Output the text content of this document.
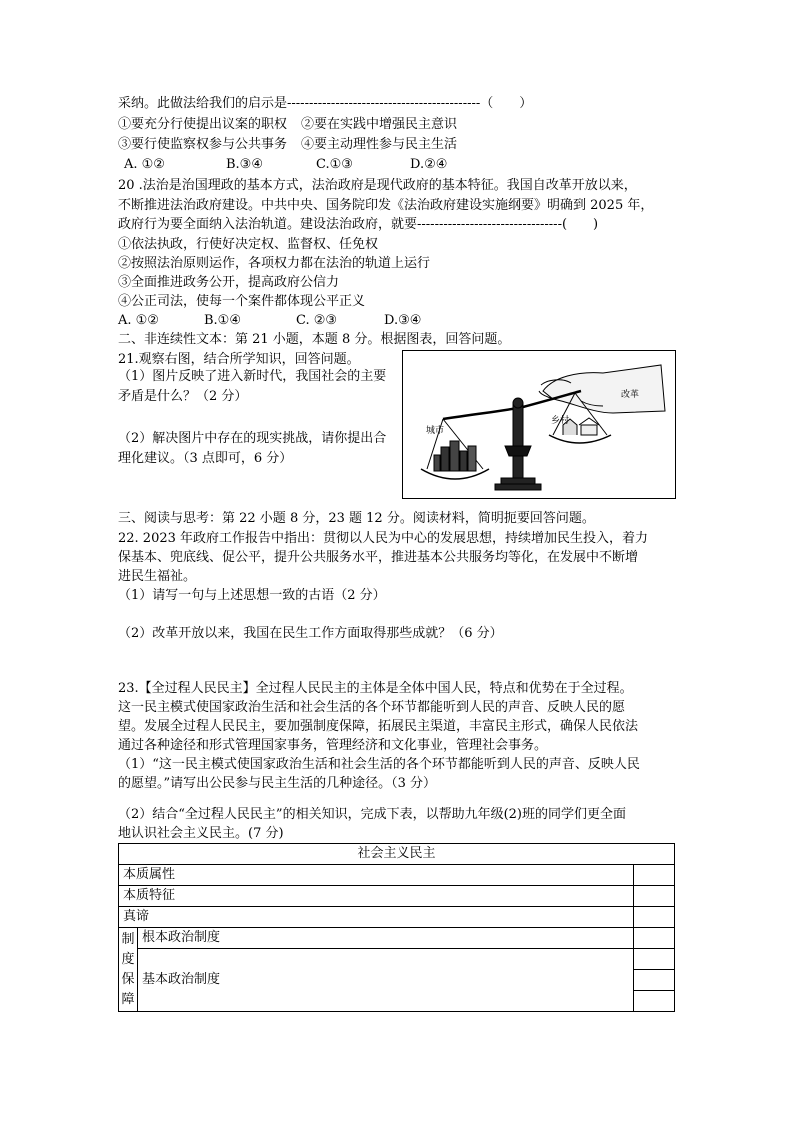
采纳。此做法给我们的启示是--------------------------------------------（　　）
①要充分行使提出议案的职权 ②要在实践中增强民主意识
③要行使监察权参与公共事务 ④要主动理性参与民主生活
A. ①②	B.③④	C.①③	D.②④
20 .法治是治国理政的基本方式，法治政府是现代政府的基本特征。我国自改革开放以来，
不断推进法治政府建设。中共中央、国务院印发《法治政府建设实施纲要》明确到 2025 年，
政府行为要全面纳入法治轨道。建设法治政府，就要---------------------------------(　　)
①依法执政，行使好决定权、监督权、任免权
②按照法治原则运作，各项权力都在法治的轨道上运行
③全面推进政务公开，提高政府公信力
④公正司法，使每一个案件都体现公平正义
A. ①②	B.①④	C. ②③	D.③④
二、非连续性文本：第 21 小题，本题 8 分。根据图表，回答问题。
21.观察右图，结合所学知识，回答问题。
（1）图片反映了进入新时代，我国社会的主要矛盾是什么？（2 分）
（2）解决图片中存在的现实挑战，请你提出合理化建议。（3 点即可，6 分）
城市
乡村
改革
三、阅读与思考：第 22 小题 8 分，23 题 12 分。阅读材料，简明扼要回答问题。
22. 2023 年政府工作报告中指出：贯彻以人民为中心的发展思想，持续增加民生投入，着力
保基本、兜底线、促公平，提升公共服务水平，推进基本公共服务均等化，在发展中不断增
进民生福祉。
（1）请写一句与上述思想一致的古语（2 分）
（2）改革开放以来，我国在民生工作方面取得那些成就？（6 分）
23.【全过程人民民主】全过程人民民主的主体是全体中国人民，特点和优势在于全过程。
这一民主模式使国家政治生活和社会生活的各个环节都能听到人民的声音、反映人民的愿
望。发展全过程人民民主，要加强制度保障，拓展民主渠道，丰富民主形式，确保人民依法
通过各种途径和形式管理国家事务，管理经济和文化事业，管理社会事务。
（1）“这一民主模式使国家政治生活和社会生活的各个环节都能听到人民的声音、反映人民
的愿望。”请写出公民参与民主生活的几种途径。（3 分）
（2）结合“全过程人民民主”的相关知识，完成下表，以帮助九年级(2)班的同学们更全面
地认识社会主义民主。(7 分)
社会主义民主		
本质属性		
本质特征		
真谛		

制
度
保
障	根本政治制度	
	基本政治制度	
